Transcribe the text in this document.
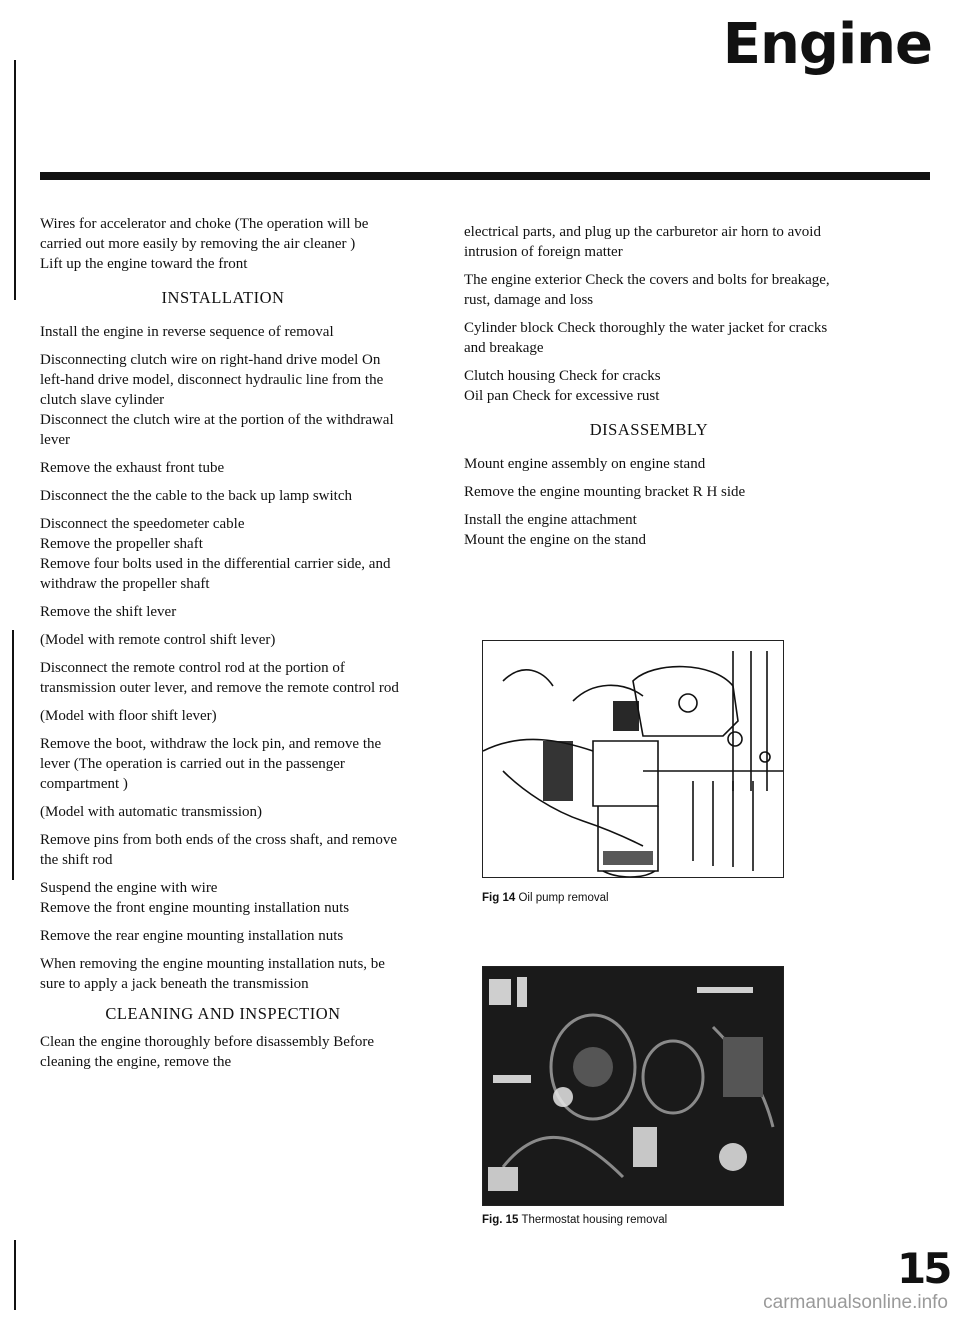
Engine

Wires for accelerator and choke (The operation will be carried out more easily by removing the air cleaner )

Lift up the engine toward the front

INSTALLATION

Install the engine in reverse sequence of removal

Disconnecting clutch wire on right-hand drive model On left-hand drive model, disconnect hydraulic line from the clutch slave cylinder

Disconnect the clutch wire at the portion of the withdrawal lever

Remove the exhaust front tube

Disconnect the the cable to the back up lamp switch

Disconnect the speedometer cable

Remove the propeller shaft

Remove four bolts used in the differential carrier side, and withdraw the propeller shaft

Remove the shift lever

(Model with remote control shift lever)

Disconnect the remote control rod at the portion of transmission outer lever, and remove the remote control rod

(Model with floor shift lever)

Remove the boot, withdraw the lock pin, and remove the lever (The operation is carried out in the passenger compartment )

(Model with automatic transmission)

Remove pins from both ends of the cross shaft, and remove the shift rod

Suspend the engine with wire

Remove the front engine mounting installation nuts

Remove the rear engine mounting installation nuts

When removing the engine mounting installation nuts, be sure to apply a jack beneath the transmission

CLEANING AND INSPECTION

Clean the engine thoroughly before disassembly Before cleaning the engine, remove the

electrical parts, and plug up the carburetor air horn to avoid intrusion of foreign matter

The engine exterior Check the covers and bolts for breakage, rust, damage and loss

Cylinder block Check thoroughly the water jacket for cracks and breakage

Clutch housing Check for cracks

Oil pan Check for excessive rust

DISASSEMBLY

Mount engine assembly on engine stand

Remove the engine mounting bracket R H side

Install the engine attachment

Mount the engine on the stand

Fig 14 Oil pump removal
Fig. 15 Thermostat housing removal
15
carmanualsonline.info
